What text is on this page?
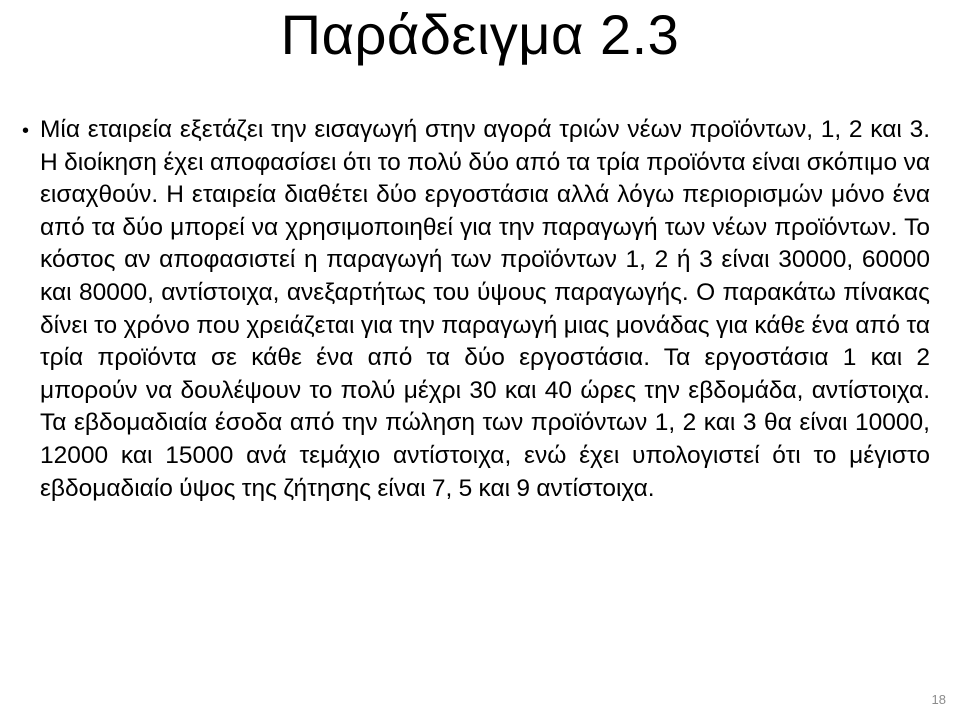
Παράδειγμα 2.3
• Μία εταιρεία εξετάζει την εισαγωγή στην αγορά τριών νέων προϊόντων, 1, 2 και 3. Η διοίκηση έχει αποφασίσει ότι το πολύ δύο από τα τρία προϊόντα είναι σκόπιμο να εισαχθούν. Η εταιρεία διαθέτει δύο εργοστάσια αλλά λόγω περιορισμών μόνο ένα από τα δύο μπορεί να χρησιμοποιηθεί για την παραγωγή των νέων προϊόντων. Το κόστος αν αποφασιστεί η παραγωγή των προϊόντων 1, 2 ή 3 είναι 30000, 60000 και 80000, αντίστοιχα, ανεξαρτήτως του ύψους παραγωγής. Ο παρακάτω πίνακας δίνει το χρόνο που χρειάζεται για την παραγωγή μιας μονάδας για κάθε ένα από τα τρία προϊόντα σε κάθε ένα από τα δύο εργοστάσια. Τα εργοστάσια 1 και 2 μπορούν να δουλέψουν το πολύ μέχρι 30 και 40 ώρες την εβδομάδα, αντίστοιχα. Τα εβδομαδιαία έσοδα από την πώληση των προϊόντων 1, 2 και 3 θα είναι 10000, 12000 και 15000 ανά τεμάχιο αντίστοιχα, ενώ έχει υπολογιστεί ότι το μέγιστο εβδομαδιαίο ύψος της ζήτησης είναι 7, 5 και 9 αντίστοιχα.

18
